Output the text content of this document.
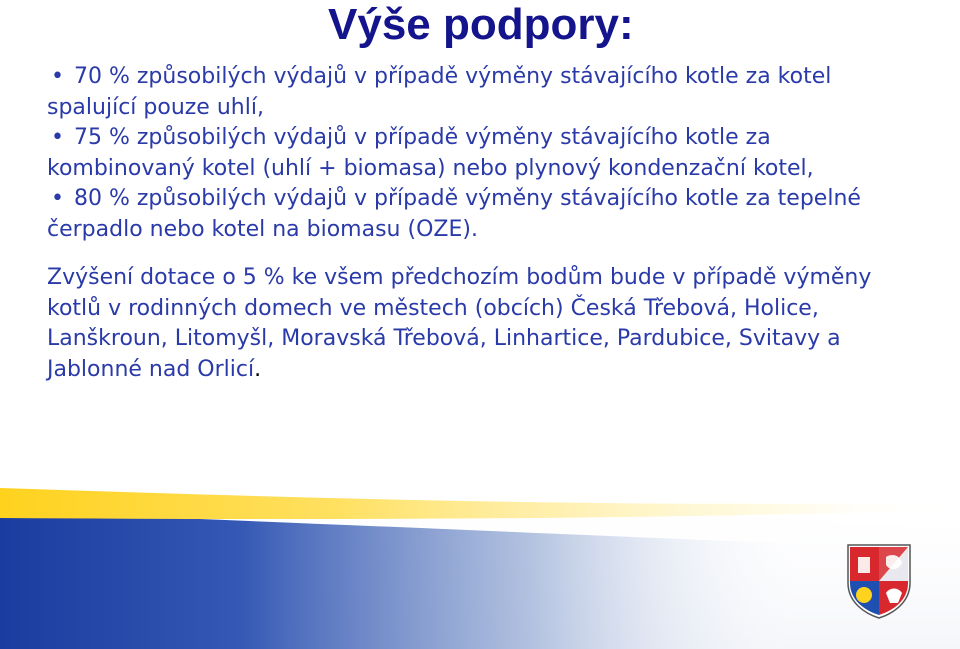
Výše podpory:
• 70 % způsobilých výdajů v případě výměny stávajícího kotle za kotel spalující pouze uhlí,
• 75 % způsobilých výdajů v případě výměny stávajícího kotle za kombinovaný kotel (uhlí + biomasa) nebo plynový kondenzační kotel,
• 80 % způsobilých výdajů v případě výměny stávajícího kotle za tepelné čerpadlo nebo kotel na biomasu (OZE).

Zvýšení dotace o 5 % ke všem předchozím bodům bude v případě výměny kotlů v rodinných domech ve městech (obcích) Česká Třebová, Holice, Lanškroun, Litomyšl, Moravská Třebová, Linhartice, Pardubice, Svitavy a Jablonné nad Orlicí.
